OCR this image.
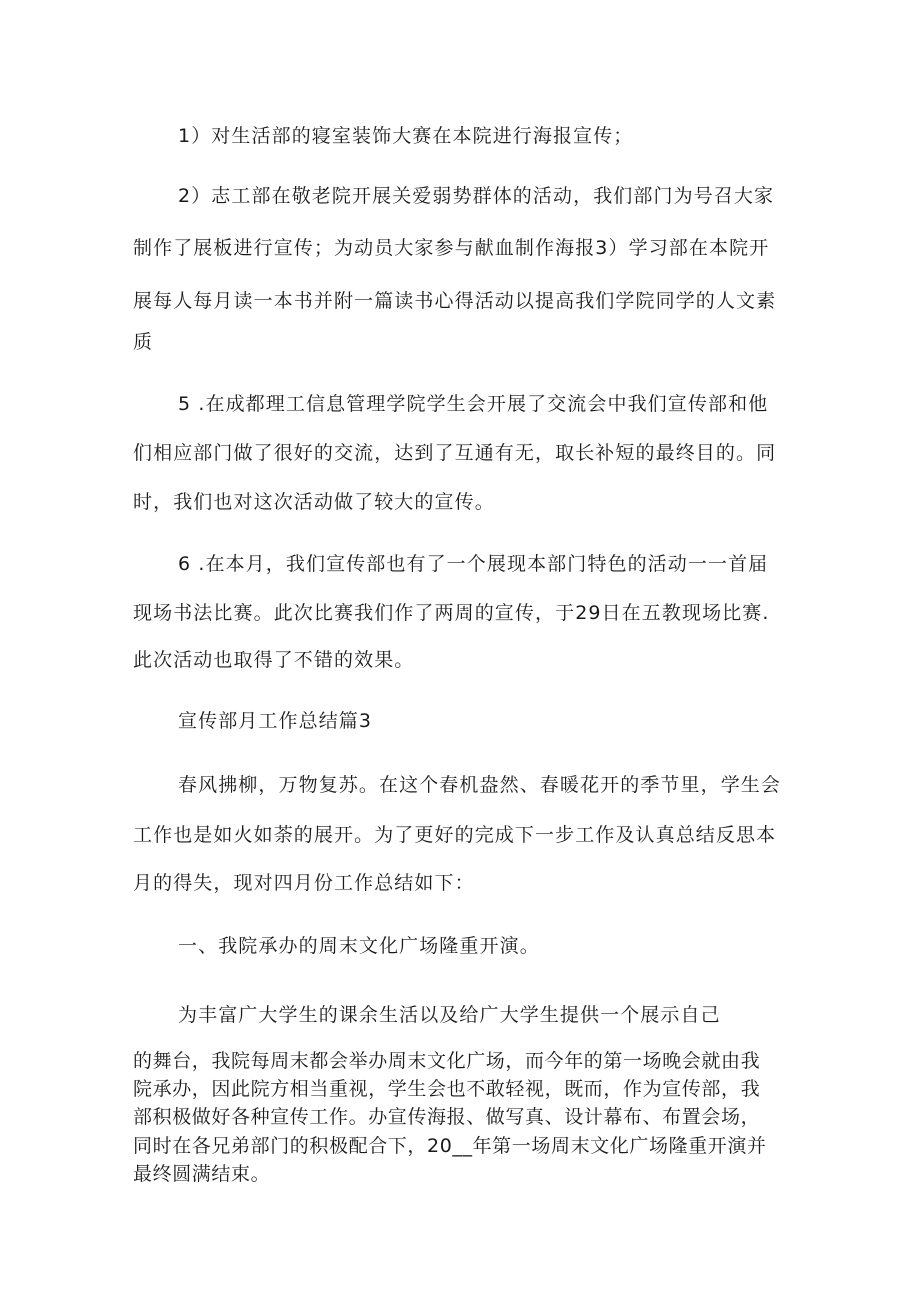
1）对生活部的寝室装饰大赛在本院进行海报宣传；
2）志工部在敬老院开展关爱弱势群体的活动，我们部门为号召大家
制作了展板进行宣传；为动员大家参与献血制作海报3）学习部在本院开
展每人每月读一本书并附一篇读书心得活动以提高我们学院同学的人文素
质
5 .在成都理工信息管理学院学生会开展了交流会中我们宣传部和他
们相应部门做了很好的交流，达到了互通有无，取长补短的最终目的。同
时，我们也对这次活动做了较大的宣传。
6 .在本月，我们宣传部也有了一个展现本部门特色的活动一一首届
现场书法比赛。此次比赛我们作了两周的宣传，于29日在五教现场比赛.
此次活动也取得了不错的效果。
宣传部月工作总结篇3
春风拂柳，万物复苏。在这个春机盎然、春暖花开的季节里，学生会
工作也是如火如荼的展开。为了更好的完成下一步工作及认真总结反思本
月的得失，现对四月份工作总结如下：
一、我院承办的周末文化广场隆重开演。
为丰富广大学生的课余生活以及给广大学生提供一个展示自己
的舞台，我院每周末都会举办周末文化广场，而今年的第一场晚会就由我
院承办，因此院方相当重视，学生会也不敢轻视，既而，作为宣传部，我
部积极做好各种宣传工作。办宣传海报、做写真、设计幕布、布置会场，
同时在各兄弟部门的积极配合下，20__年第一场周末文化广场隆重开演并
最终圆满结束。
